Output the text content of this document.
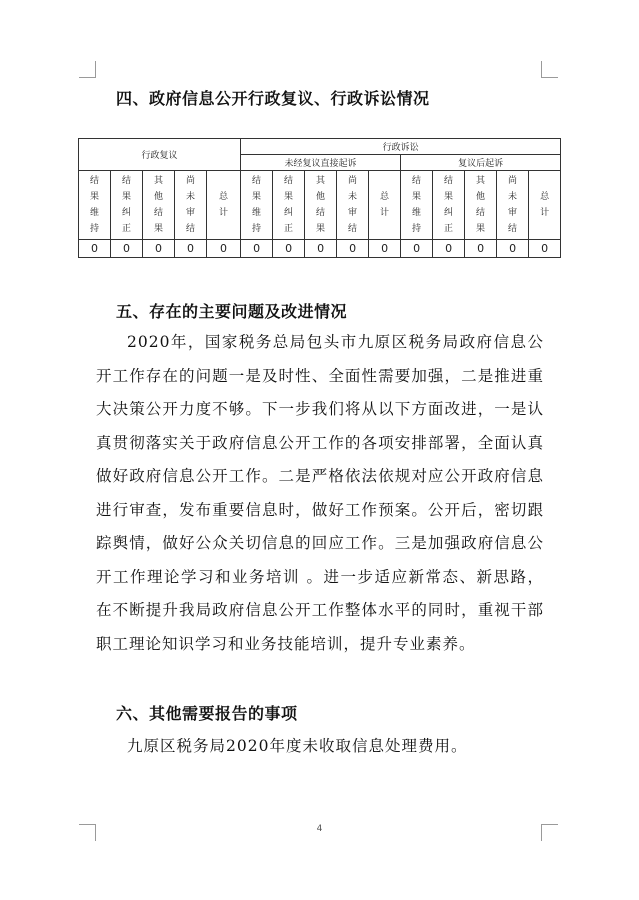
四、政府信息公开行政复议、行政诉讼情况
行政复议					行政诉讼									
					未经复议直接起诉					复议后起诉				
结果维持	结果纠正	其他结果	尚未审结	总计	结果维持	结果纠正	其他结果	尚未审结	总计	结果维持	结果纠正	其他结果	尚未审结	总计
0	0	0	0	0	0	0	0	0	0	0	0	0	0	0
五、存在的主要问题及改进情况

2020年，国家税务总局包头市九原区税务局政府信息公开工作存在的问题一是及时性、全面性需要加强，二是推进重大决策公开力度不够。下一步我们将从以下方面改进，一是认真贯彻落实关于政府信息公开工作的各项安排部署，全面认真做好政府信息公开工作。二是严格依法依规对应公开政府信息进行审查，发布重要信息时，做好工作预案。公开后，密切跟踪舆情，做好公众关切信息的回应工作。三是加强政府信息公开工作理论学习和业务培训 。进一步适应新常态、新思路，在不断提升我局政府信息公开工作整体水平的同时，重视干部职工理论知识学习和业务技能培训，提升专业素养。

六、其他需要报告的事项

九原区税务局2020年度未收取信息处理费用。

4
